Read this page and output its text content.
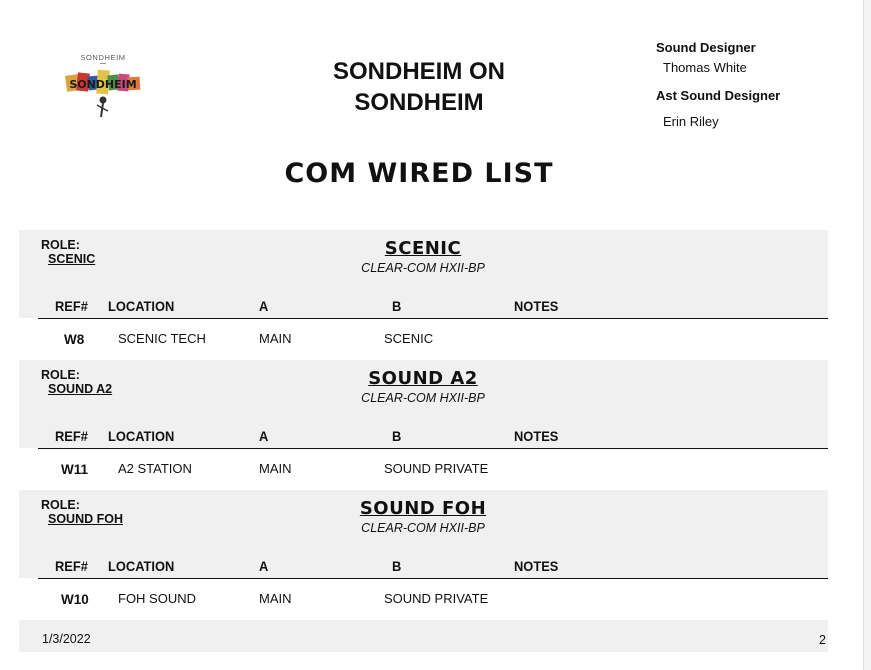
SONDHEIM
SONDHEIM	SONDHEIM ON SONDHEIM

Sound Designer

Thomas White

Ast Sound Designer

Erin Riley

COM WIRED LIST
ROLE:
SCENIC	SCENIC
CLEAR-COM HXII-BP
REF# LOCATION	A	B	NOTES
W8	SCENIC TECH	MAIN	SCENIC
ROLE:
SOUND A2	SOUND A2
CLEAR-COM HXII-BP
REF# LOCATION	A	B	NOTES
W11 A2 STATION	MAIN	SOUND PRIVATE
ROLE:
SOUND FOH	SOUND FOH
CLEAR-COM HXII-BP
REF# LOCATION	A	B	NOTES
W10 FOH SOUND	MAIN	SOUND PRIVATE
1/3/2022	2
